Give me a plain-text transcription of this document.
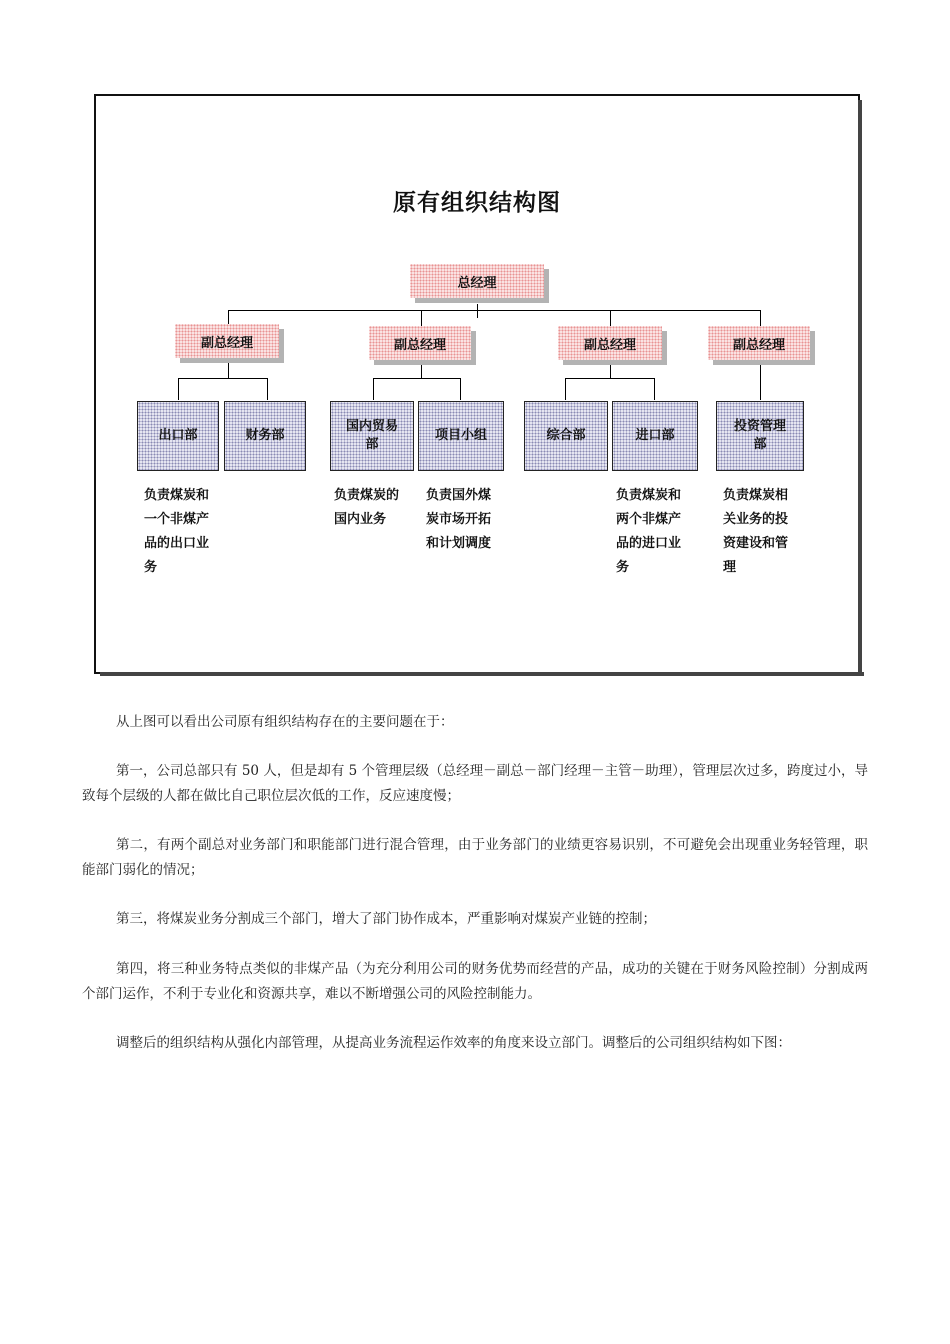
原有组织结构图
总经理
副总经理	副总经理	副总经理	副总经理
出口部	财务部
国内贸易部
项目小组	综合部	进口部
投资管理部
负责煤炭和一个非煤产品的出口业务
负责煤炭的国内业务
负责国外煤炭市场开拓和计划调度
负责煤炭和两个非煤产品的进口业务
负责煤炭相关业务的投资建设和管理
从上图可以看出公司原有组织结构存在的主要问题在于：
第一，公司总部只有 50 人，但是却有 5 个管理层级（总经理－副总－部门经理－主管－助理），管理层次过多，跨度过小，导致每个层级的人都在做比自己职位层次低的工作，反应速度慢；
第二，有两个副总对业务部门和职能部门进行混合管理，由于业务部门的业绩更容易识别，不可避免会出现重业务轻管理，职能部门弱化的情况；
第三，将煤炭业务分割成三个部门，增大了部门协作成本，严重影响对煤炭产业链的控制；
第四，将三种业务特点类似的非煤产品（为充分利用公司的财务优势而经营的产品，成功的关键在于财务风险控制）分割成两个部门运作，不利于专业化和资源共享，难以不断增强公司的风险控制能力。
调整后的组织结构从强化内部管理，从提高业务流程运作效率的角度来设立部门。调整后的公司组织结构如下图：
